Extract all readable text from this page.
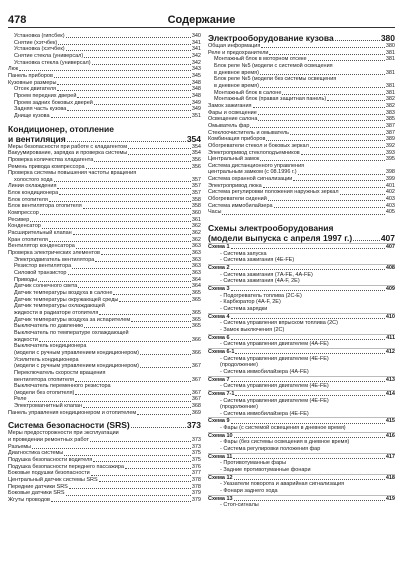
478	Содержание
Установка (гипсбек)	340
Снятие (хэтчбек)	341
Установка (хэтчбек)	341
Снятие стекла (универсал)	342
Установка стекла (универсал)	342
Люк	343
Панель приборов	345
Кузовные размеры	348
Отсек двигателя	348
Проем передних дверей	348
Проем задних боковых дверей	349
Задняя часть кузова	349
Днище кузова	351
Кондиционер, отопление
и вентиляция	354
Меры безопасности при работе с кладагентом	354
Вакуумирование, зарядка и проверка системы	354
Проверка количества хладагента	356
Ремень привода компрессора	356
Проверка системы повышения частоты вращения
холостого хода	357
Линии охлаждения	357
Блок кондиционера	357
Блок отопителя	358
Блок вентилятора отопителя	358
Компрессор	360
Ресивер	361
Конденсатор	362
Расширительный клапан	362
Кран отопителя	362
Вентилятор конденсатора	363
Проверка электрических элементов	363
Электродвигатель вентилятора	363
Резистор вентилятора	363
Силовой транзистор	363
Приводы	364
Датчик солнечного света	364
Датчик температуры воздуха в салоне	365
Датчик температуры окружающей среды	365
Датчик температуры охлаждающей
жидкости в радиаторе отопителя	365
Датчик температуры воздуха за испарителем	365
Выключатель по давлению	365
Выключатель по температуре охлаждающей
жидкости	366
Выключатель кондиционера
(модели с ручным управлением кондиционером)	366
Усилитель кондиционера
(модели с ручным управлением кондиционером)	367
Переключатель скорости вращения
вентилятора отопителя	367
Выключатель переменного резистора
(модели без отопителя)	367
Реле	367
Электромагнитный клапан	368
Панель управления кондиционером и отопителем	369
Система безопасности (SRS)	373
Меры предосторожности при эксплуатации
и проведении ремонтных работ	373
Разъемы	373
Диагностика системы	375
Подушка безопасности водителя	375
Подушка безопасности переднего пассажира	376
Боковые подушки безопасности	377
Центральный датчик системы SRS	378
Передние датчики SRS	378
Боковые датчики SRS	379
Жгуты проводов	379
Электрооборудование кузова	380
Общая информация	380
Реле и предохранители	381
Монтажный блок в моторном отсеке	381
Блок реле №5 (модели с системой освещения
в дневное время)	381
Блок реле №5 (модели без системы освещения
в дневное время)	381
Монтажный блок в салоне	381
Монтажный блок (правая защитная панель)	382
Замок зажигания	382
Фары и освещение	383
Освещение салона	385
Омыватель фар	387
Стеклоочиститель и омыватель	387
Комбинация приборов	389
Обогреватели стекол и боковых зеркал	392
Электропривод стеклоподъемников	393
Центральный замок	395
Система дистанционного управления
центральным замком (с 08.1996 г.)	398
Система охранной сигнализации	399
Электропривод люка	401
Система регулировки положения наружных зеркал	402
Обогреватели сидений	403
Система иммобилайзера	403
Часы	405
Схемы электрооборудования
(модели выпуска с апреля 1997 г.)	407
Схема 1	407
- Система запуска
- Система зажигания (4E-FE)
Схема 2	408
- Система зажигания (7A-FE, 4A-FE)
- Система зажигания (4A-F, 2E)
Схема 3	409
- Подогреватель топлива (2C-E)
- Карбюратор (4A-F, 2E)
- Система зарядки
Схема 4	410
- Система управления впрыском топлива (2C)
- Замок выключения (2C)
Схема 6	411
- Система управления двигателем (4A-FE)
Схема 6-1	412
- Система управления двигателем (4E-FE)
(продолжение)
- Система иммобилайзера (4A-FE)
Схема 7	413
- Система управления двигателем (4E-FE)
Схема 7-1	414
- Система управления двигателем (4E-FE)
(продолжение)
- Система иммобилайзера (4E-FE)
Схема 9	415
- Фары (с системой освещения в дневное время)
Схема 10	416
- Фары (без системы освещения в дневное время)
- Система регулировки положения фар
Схема 11	417
- Противотуманные фары
- Задние противотуманные фонари
Схема 12	418
- Указатели поворота и аварийная сигнализация
- Фонари заднего хода
Схема 13	419
- Стоп-сигналы
